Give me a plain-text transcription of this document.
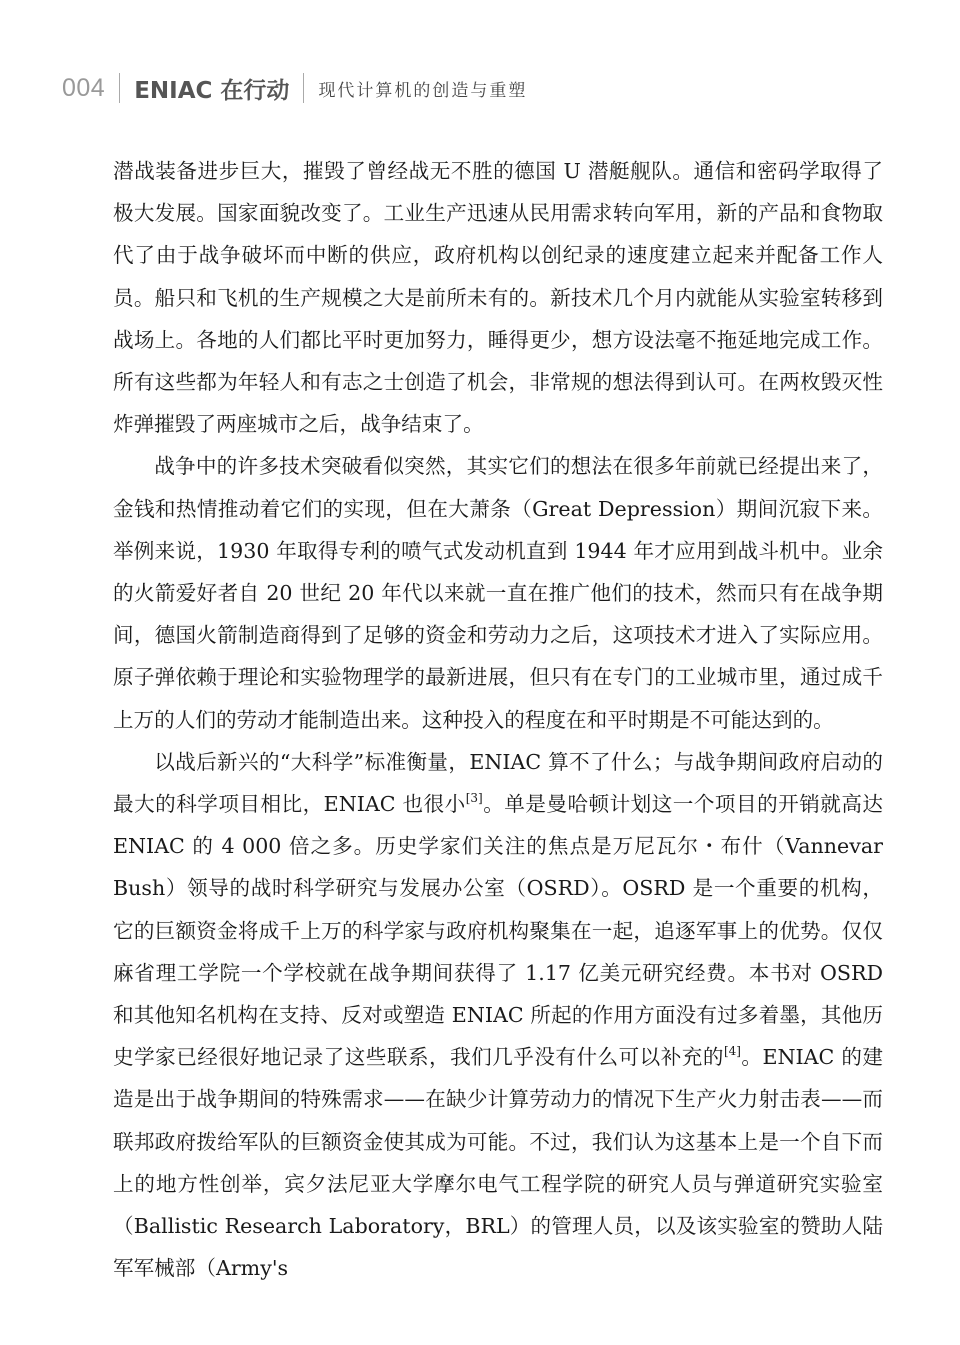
004 ENIAC 在行动 现代计算机的创造与重塑

潜战装备进步巨大，摧毁了曾经战无不胜的德国 U 潜艇舰队。通信和密码学取得了极大发展。国家面貌改变了。工业生产迅速从民用需求转向军用，新的产品和食物取代了由于战争破坏而中断的供应，政府机构以创纪录的速度建立起来并配备工作人员。船只和飞机的生产规模之大是前所未有的。新技术几个月内就能从实验室转移到战场上。各地的人们都比平时更加努力，睡得更少，想方设法毫不拖延地完成工作。所有这些都为年轻人和有志之士创造了机会，非常规的想法得到认可。在两枚毁灭性炸弹摧毁了两座城市之后，战争结束了。

战争中的许多技术突破看似突然，其实它们的想法在很多年前就已经提出来了，金钱和热情推动着它们的实现，但在大萧条（Great Depression）期间沉寂下来。举例来说，1930 年取得专利的喷气式发动机直到 1944 年才应用到战斗机中。业余的火箭爱好者自 20 世纪 20 年代以来就一直在推广他们的技术，然而只有在战争期间，德国火箭制造商得到了足够的资金和劳动力之后，这项技术才进入了实际应用。原子弹依赖于理论和实验物理学的最新进展，但只有在专门的工业城市里，通过成千上万的人们的劳动才能制造出来。这种投入的程度在和平时期是不可能达到的。

以战后新兴的“大科学”标准衡量，ENIAC 算不了什么；与战争期间政府启动的最大的科学项目相比，ENIAC 也很小[3]。单是曼哈顿计划这一个项目的开销就高达 ENIAC 的 4 000 倍之多。历史学家们关注的焦点是万尼瓦尔・布什（Vannevar Bush）领导的战时科学研究与发展办公室（OSRD）。OSRD 是一个重要的机构，它的巨额资金将成千上万的科学家与政府机构聚集在一起，追逐军事上的优势。仅仅麻省理工学院一个学校就在战争期间获得了 1.17 亿美元研究经费。本书对 OSRD 和其他知名机构在支持、反对或塑造 ENIAC 所起的作用方面没有过多着墨，其他历史学家已经很好地记录了这些联系，我们几乎没有什么可以补充的[4]。ENIAC 的建造是出于战争期间的特殊需求——在缺少计算劳动力的情况下生产火力射击表——而联邦政府拨给军队的巨额资金使其成为可能。不过，我们认为这基本上是一个自下而上的地方性创举，宾夕法尼亚大学摩尔电气工程学院的研究人员与弹道研究实验室（Ballistic Research Laboratory，BRL）的管理人员，以及该实验室的赞助人陆军军械部（Army's
